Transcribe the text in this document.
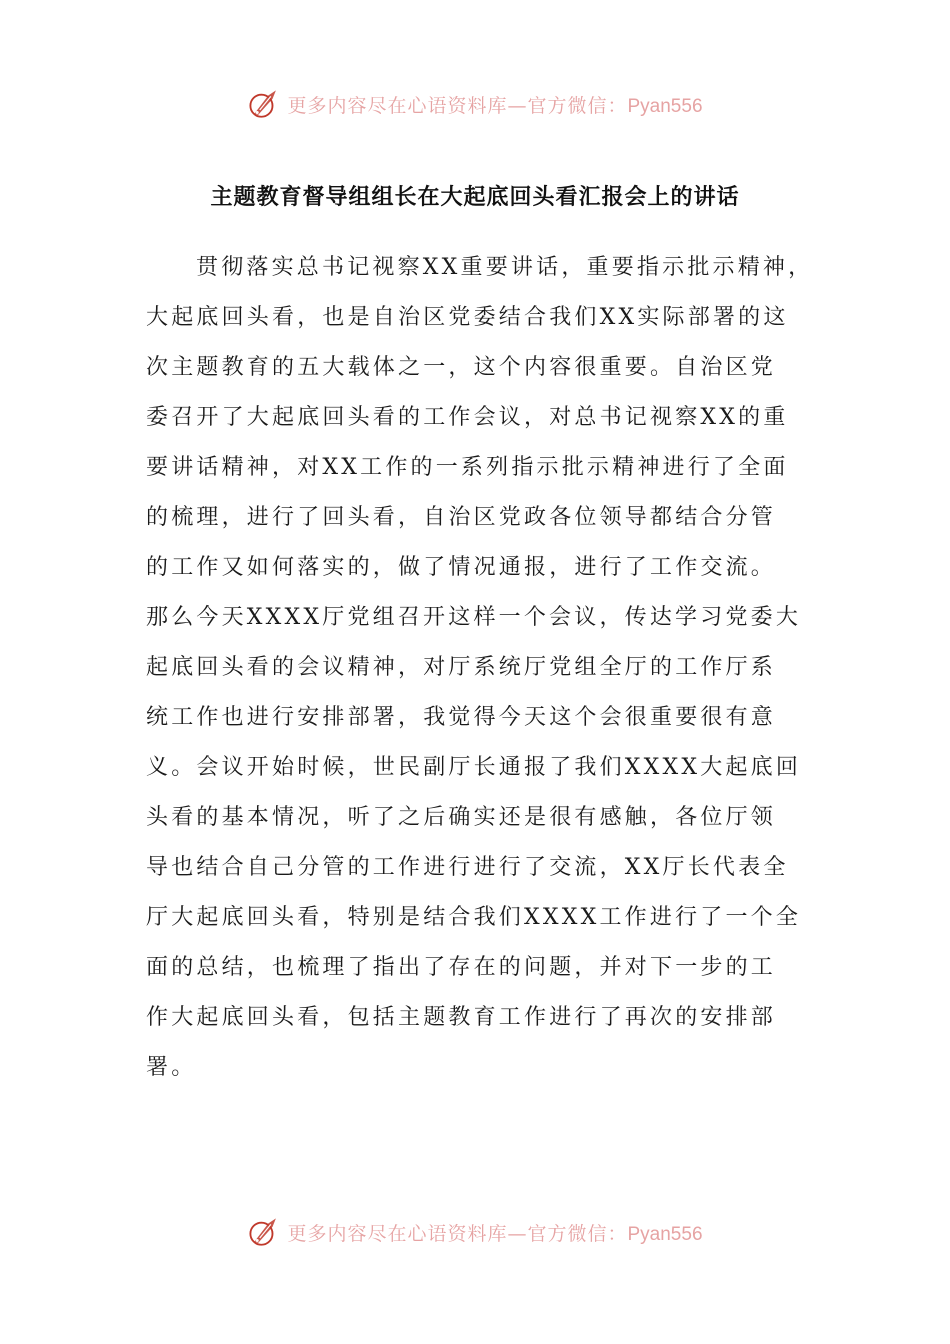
更多内容尽在心语资料库—官方微信：Pyan556
主题教育督导组组长在大起底回头看汇报会上的讲话
贯彻落实总书记视察XX重要讲话，重要指示批示精神，
大起底回头看，也是自治区党委结合我们XX实际部署的这
次主题教育的五大载体之一，这个内容很重要。自治区党
委召开了大起底回头看的工作会议，对总书记视察XX的重
要讲话精神，对XX工作的一系列指示批示精神进行了全面
的梳理，进行了回头看，自治区党政各位领导都结合分管
的工作又如何落实的，做了情况通报，进行了工作交流。
那么今天XXXX厅党组召开这样一个会议，传达学习党委大
起底回头看的会议精神，对厅系统厅党组全厅的工作厅系
统工作也进行安排部署，我觉得今天这个会很重要很有意
义。会议开始时候，世民副厅长通报了我们XXXX大起底回
头看的基本情况，听了之后确实还是很有感触，各位厅领
导也结合自己分管的工作进行进行了交流，XX厅长代表全
厅大起底回头看，特别是结合我们XXXX工作进行了一个全
面的总结，也梳理了指出了存在的问题，并对下一步的工
作大起底回头看，包括主题教育工作进行了再次的安排部
署。
更多内容尽在心语资料库—官方微信：Pyan556
